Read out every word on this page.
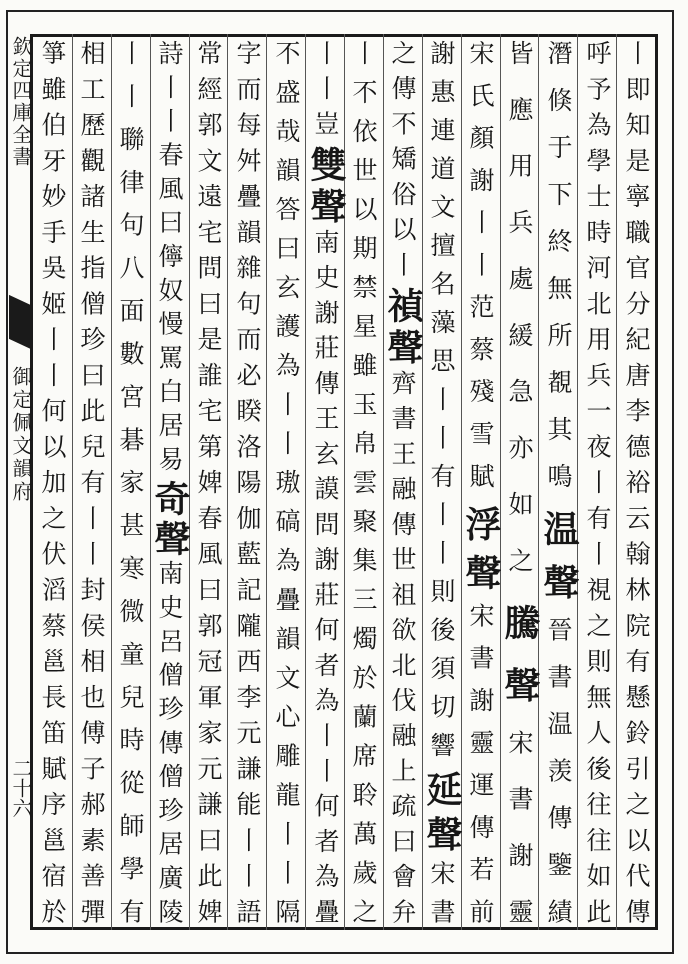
欽定四庫全書
御定佩文韻府
二十六	丨即知是寧職官分紀唐李德裕云翰林院有懸鈴引之以代傳
呼予為學士時河北用兵一夜丨有丨視之則無人後往往如此
潛倏于下終無所覩其鳴温聲晉書温羡傳鑒績
皆應用兵處緩急亦如之騰聲宋書謝靈
宋氏顏謝丨丨范蔡殘雪賦浮聲宋書謝靈運傳若前
謝惠連道文擅名藻思丨丨有丨丨則後須切響延聲宋書
之傳不矯俗以丨禎聲齊書王融傳世祖欲北伐融上疏曰會弁
丨不依世以期禁星雖玉帛雲聚集三燭於蘭席聆萬歲之
丨丨豈雙聲南史謝莊傳王玄謨問謝莊何者為丨丨何者為疊
不盛哉韻答曰玄護為丨丨璈碻為疊韻文心雕龍丨丨隔
字而每舛疊韻雜句而必睽洛陽伽藍記隴西李元謙能丨丨語
常經郭文遠宅問曰是誰宅第婢春風曰郭冠軍家元謙曰此婢
詩丨丨春風曰儜奴慢罵白居易奇聲南史呂僧珍傳僧珍居廣陵
丨丨聯律句八面數宮碁家甚寒微童兒時從師學有
相工歷觀諸生指僧珍曰此兒有丨丨封侯相也傅子郝素善彈
箏雖伯牙妙手吳姬丨丨何以加之伏滔蔡邕長笛賦序邕宿於
